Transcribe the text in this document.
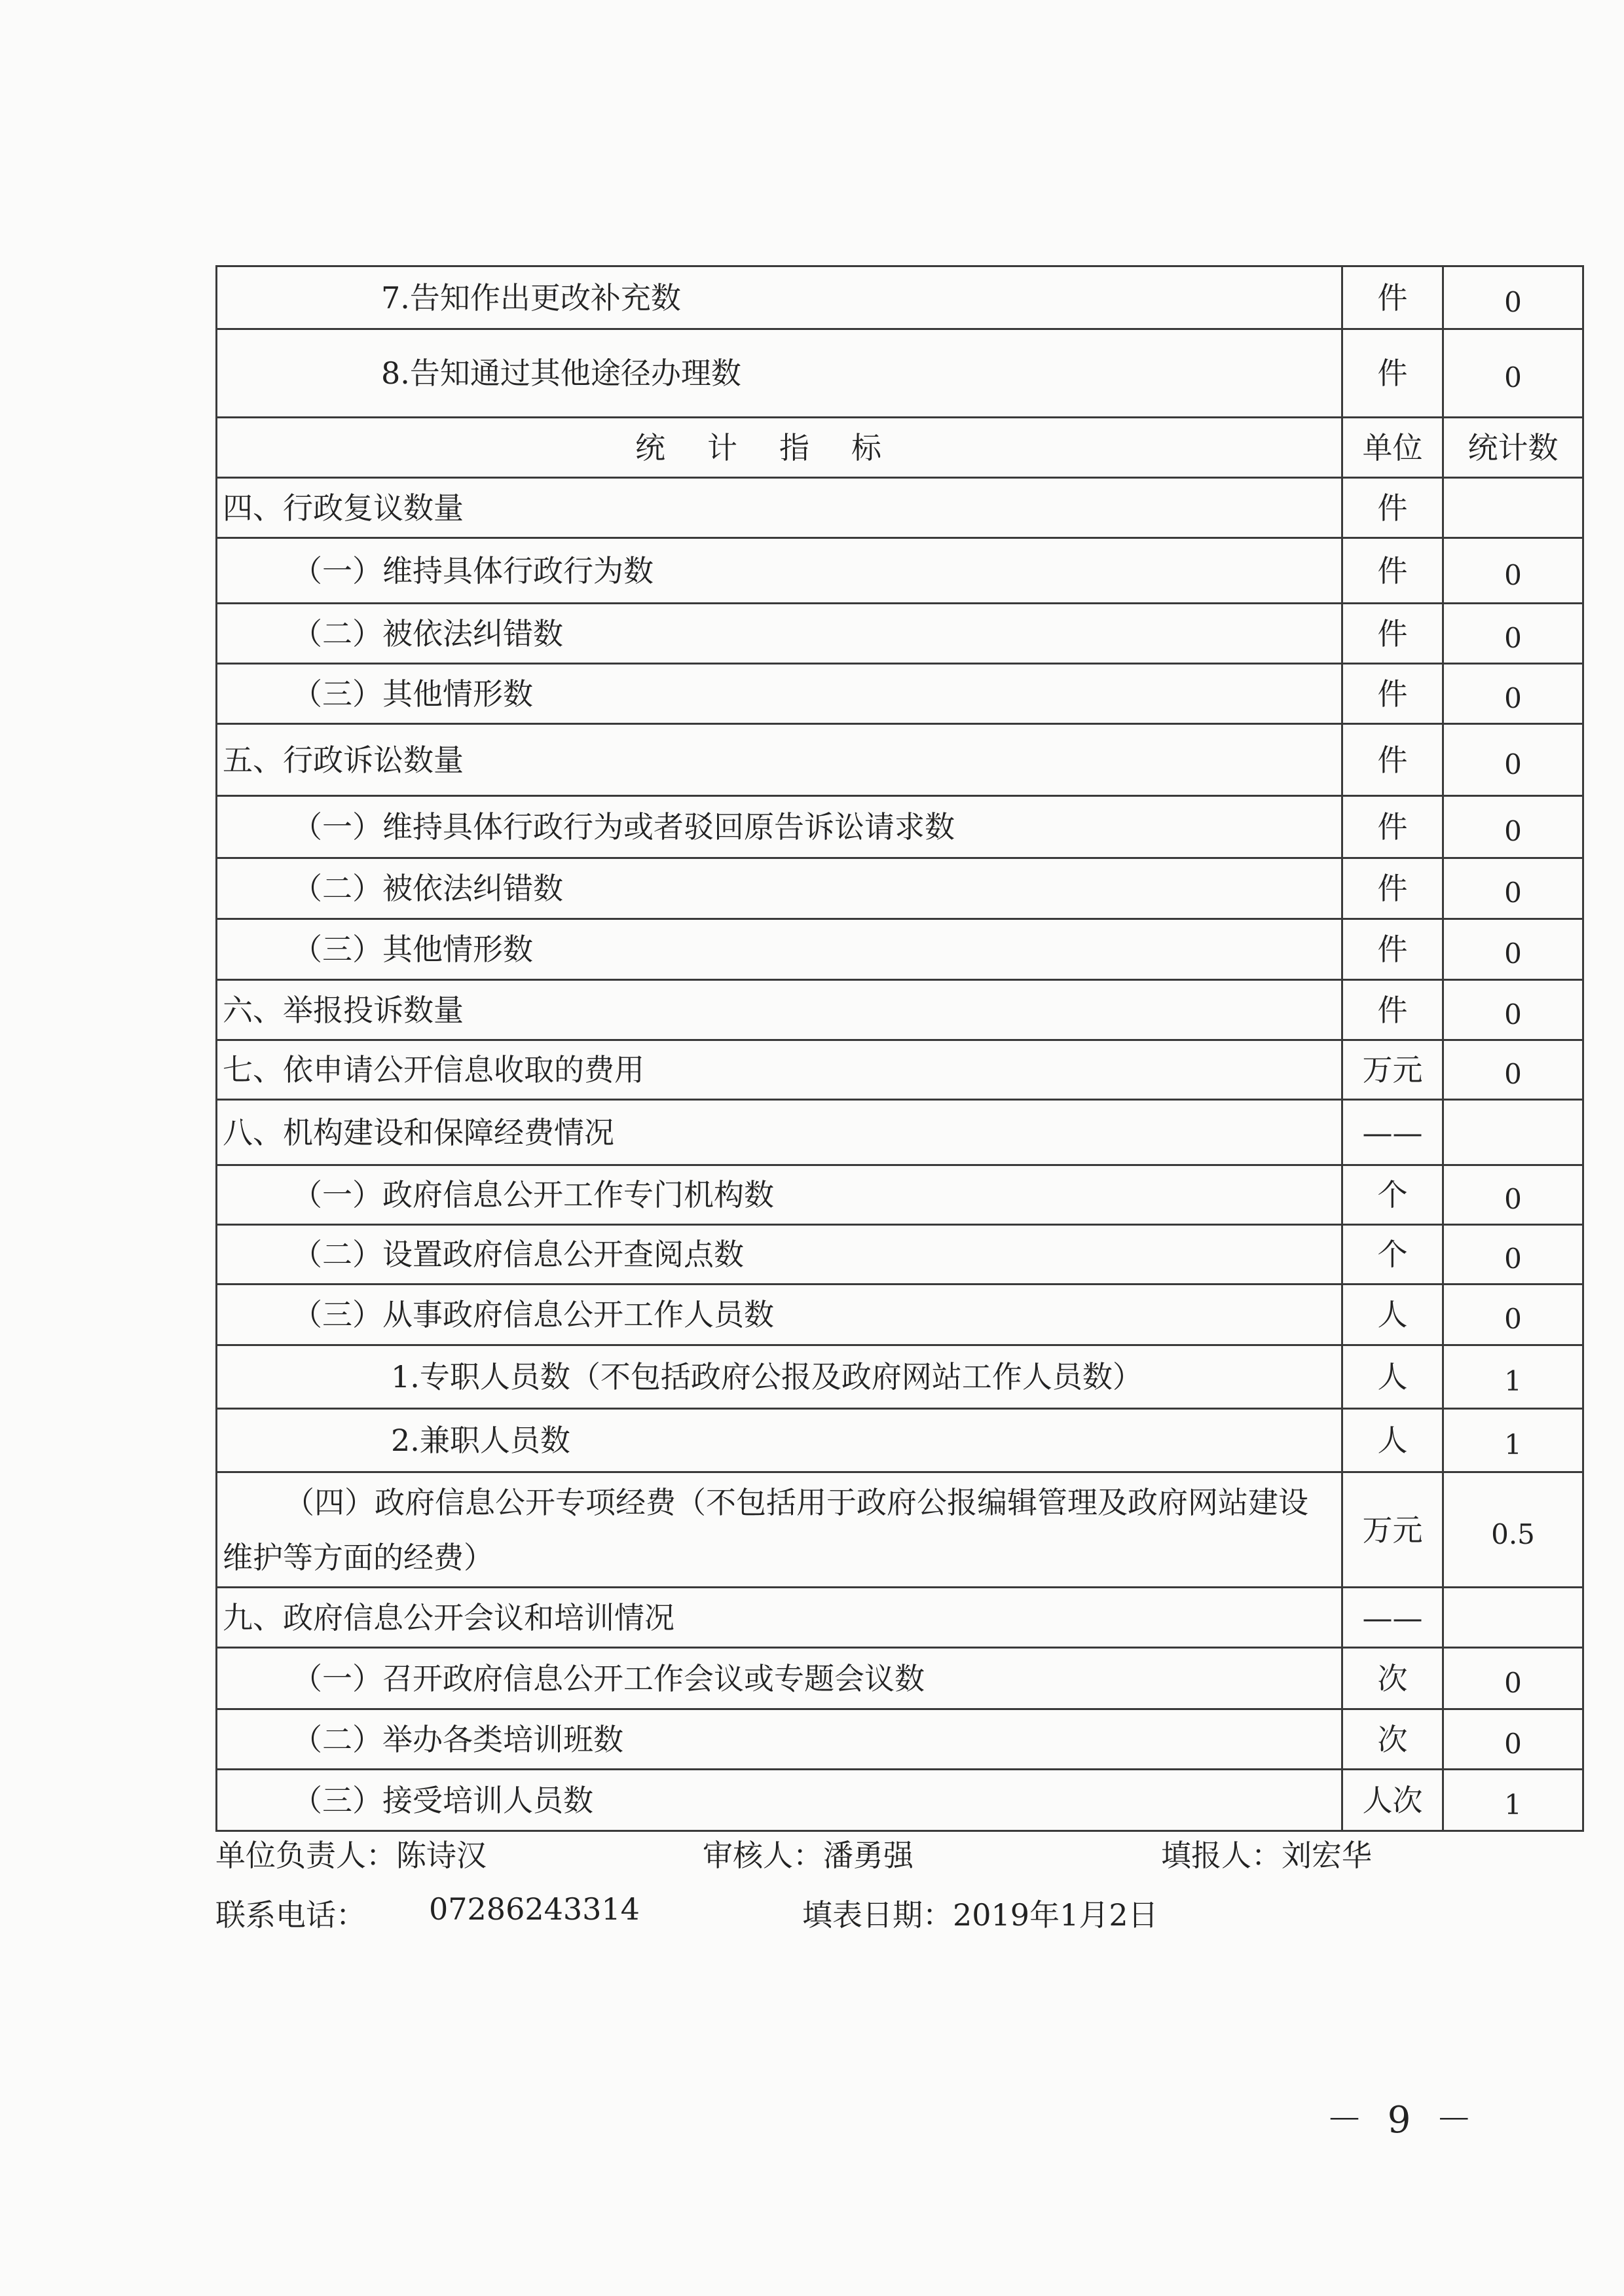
7.告知作出更改补充数	件	0
8.告知通过其他途径办理数	件	0
统计指标	单位	统计数
四、行政复议数量	件	
（一）维持具体行政行为数	件	0
（二）被依法纠错数	件	0
（三）其他情形数	件	0
五、行政诉讼数量	件	0
（一）维持具体行政行为或者驳回原告诉讼请求数	件	0
（二）被依法纠错数	件	0
（三）其他情形数	件	0
六、举报投诉数量	件	0
七、依申请公开信息收取的费用	万元	0
八、机构建设和保障经费情况	——	
（一）政府信息公开工作专门机构数	个	0
（二）设置政府信息公开查阅点数	个	0
（三）从事政府信息公开工作人员数	人	0
1.专职人员数（不包括政府公报及政府网站工作人员数）	人	1
2.兼职人员数	人	1
（四）政府信息公开专项经费（不包括用于政府公报编辑管理及政府网站建设维护等方面的经费）	万元	0.5
九、政府信息公开会议和培训情况	——	
（一）召开政府信息公开工作会议或专题会议数	次	0
（二）举办各类培训班数	次	0
（三）接受培训人员数	人次	1
单位负责人：陈诗汉	审核人：潘勇强	填报人：刘宏华
联系电话： 07286243314	填表日期：2019年1月2日
－ 9 －
